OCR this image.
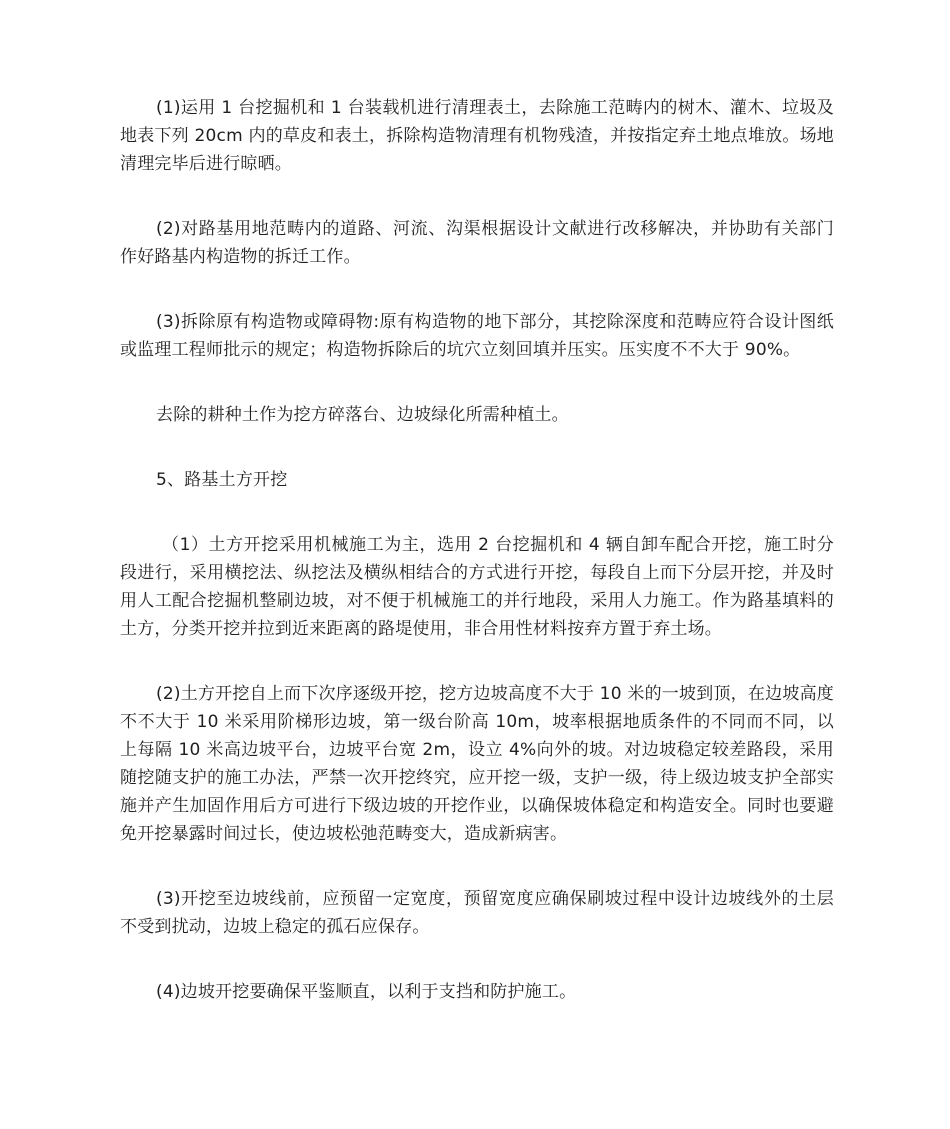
(1)运用 1 台挖掘机和 1 台装载机进行清理表土，去除施工范畴内的树木、灌木、垃圾及地表下列 20cm 内的草皮和表土，拆除构造物清理有机物残渣，并按指定弃土地点堆放。场地清理完毕后进行晾晒。

(2)对路基用地范畴内的道路、河流、沟渠根据设计文献进行改移解决，并协助有关部门作好路基内构造物的拆迁工作。

(3)拆除原有构造物或障碍物:原有构造物的地下部分，其挖除深度和范畴应符合设计图纸或监理工程师批示的规定；构造物拆除后的坑穴立刻回填并压实。压实度不不大于 90%。

去除的耕种土作为挖方碎落台、边坡绿化所需种植土。

5、路基土方开挖

（1）土方开挖采用机械施工为主，选用 2 台挖掘机和 4 辆自卸车配合开挖，施工时分段进行，采用横挖法、纵挖法及横纵相结合的方式进行开挖，每段自上而下分层开挖，并及时用人工配合挖掘机整刷边坡，对不便于机械施工的并行地段，采用人力施工。作为路基填料的土方，分类开挖并拉到近来距离的路堤使用，非合用性材料按弃方置于弃土场。

(2)土方开挖自上而下次序逐级开挖，挖方边坡高度不大于 10 米的一坡到顶，在边坡高度不不大于 10 米采用阶梯形边坡，第一级台阶高 10m，坡率根据地质条件的不同而不同，以上每隔 10 米高边坡平台，边坡平台宽 2m，设立 4%向外的坡。对边坡稳定较差路段，采用随挖随支护的施工办法，严禁一次开挖终究，应开挖一级，支护一级，待上级边坡支护全部实施并产生加固作用后方可进行下级边坡的开挖作业，以确保坡体稳定和构造安全。同时也要避免开挖暴露时间过长，使边坡松弛范畴变大，造成新病害。

(3)开挖至边坡线前，应预留一定宽度，预留宽度应确保刷坡过程中设计边坡线外的土层不受到扰动，边坡上稳定的孤石应保存。

(4)边坡开挖要确保平鉴顺直，以利于支挡和防护施工。
